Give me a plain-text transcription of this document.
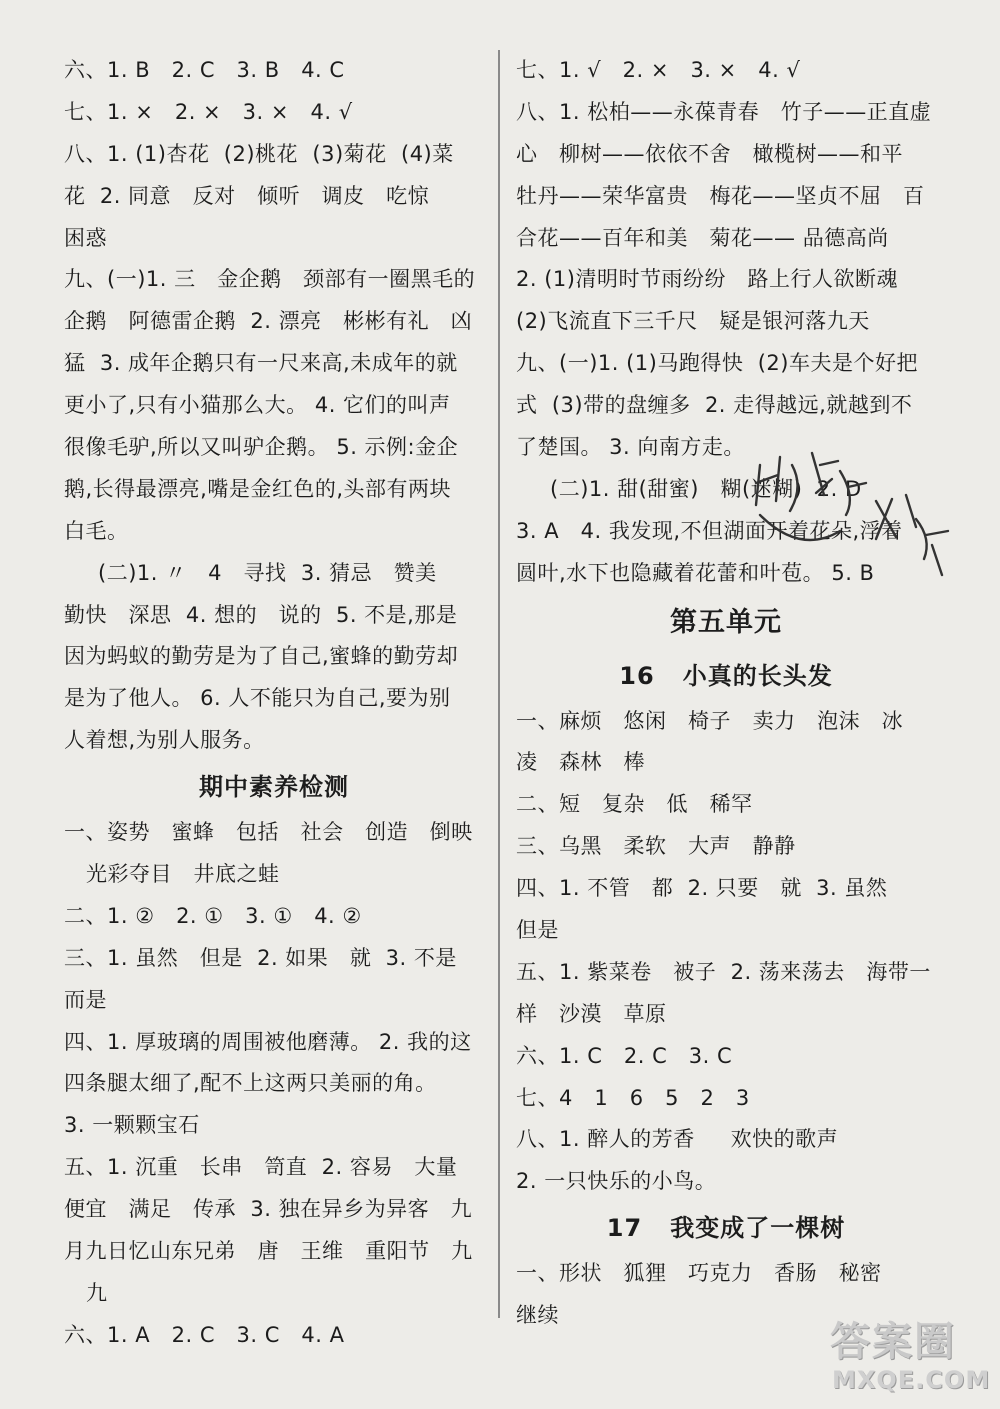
六、1. B   2. C   3. B   4. C
七、1. ×   2. ×   3. ×   4. √
八、1. (1)杏花  (2)桃花  (3)菊花  (4)菜
花  2. 同意   反对   倾听   调皮   吃惊
困惑
九、(一)1. 三   金企鹅   颈部有一圈黑毛的
企鹅   阿德雷企鹅  2. 漂亮   彬彬有礼   凶
猛  3. 成年企鹅只有一尺来高,未成年的就
更小了,只有小猫那么大。 4. 它们的叫声
很像毛驴,所以又叫驴企鹅。 5. 示例:金企
鹅,长得最漂亮,嘴是金红色的,头部有两块
白毛。
(二)1. 〃   4   寻找  3. 猜忌   赞美
勤快   深思  4. 想的   说的  5. 不是,那是
因为蚂蚁的勤劳是为了自己,蜜蜂的勤劳却
是为了他人。 6. 人不能只为自己,要为别
人着想,为别人服务。
期中素养检测
一、姿势   蜜蜂   包括   社会   创造   倒映
光彩夺目   井底之蛙
二、1. ②   2. ①   3. ①   4. ②
三、1. 虽然   但是  2. 如果   就  3. 不是
而是
四、1. 厚玻璃的周围被他磨薄。 2. 我的这
四条腿太细了,配不上这两只美丽的角。
3. 一颗颗宝石
五、1. 沉重   长串   笥直  2. 容易   大量
便宜   满足   传承  3. 独在异乡为异客   九
月九日忆山东兄弟   唐   王维   重阳节   九
九
六、1. A   2. C   3. C   4. A
七、1. √   2. ×   3. ×   4. √
八、1. 松柏——永葆青春   竹子——正直虚
心   柳树——依依不舍   橄榄树——和平
牡丹——荣华富贵   梅花——坚贞不屈   百
合花——百年和美   菊花—— 品德高尚
2. (1)清明时节雨纷纷   路上行人欲断魂
(2)飞流直下三千尺   疑是银河落九天
九、(一)1. (1)马跑得快  (2)车夫是个好把
式  (3)带的盘缠多  2. 走得越远,就越到不
了楚国。 3. 向南方走。
(二)1. 甜(甜蜜)   糊(迷糊)  2. D
3. A   4. 我发现,不但湖面开着花朵,浮着
圆叶,水下也隐藏着花蕾和叶苞。 5. B
第五单元
16   小真的长头发
一、麻烦   悠闲   椅子   卖力   泡沫   冰
凌   森林   棒
二、短   复杂   低   稀罕
三、乌黑   柔软   大声   静静
四、1. 不管   都  2. 只要   就  3. 虽然
但是
五、1. 紫菜卷   被子  2. 荡来荡去   海带一
样   沙漠   草原
六、1. C   2. C   3. C
七、4   1   6   5   2   3
八、1. 醉人的芳香     欢快的歌声
2. 一只快乐的小鸟。
17   我变成了一棵树
一、形状   狐狸   巧克力   香肠   秘密
继续
答案圈
MXQE.COM
